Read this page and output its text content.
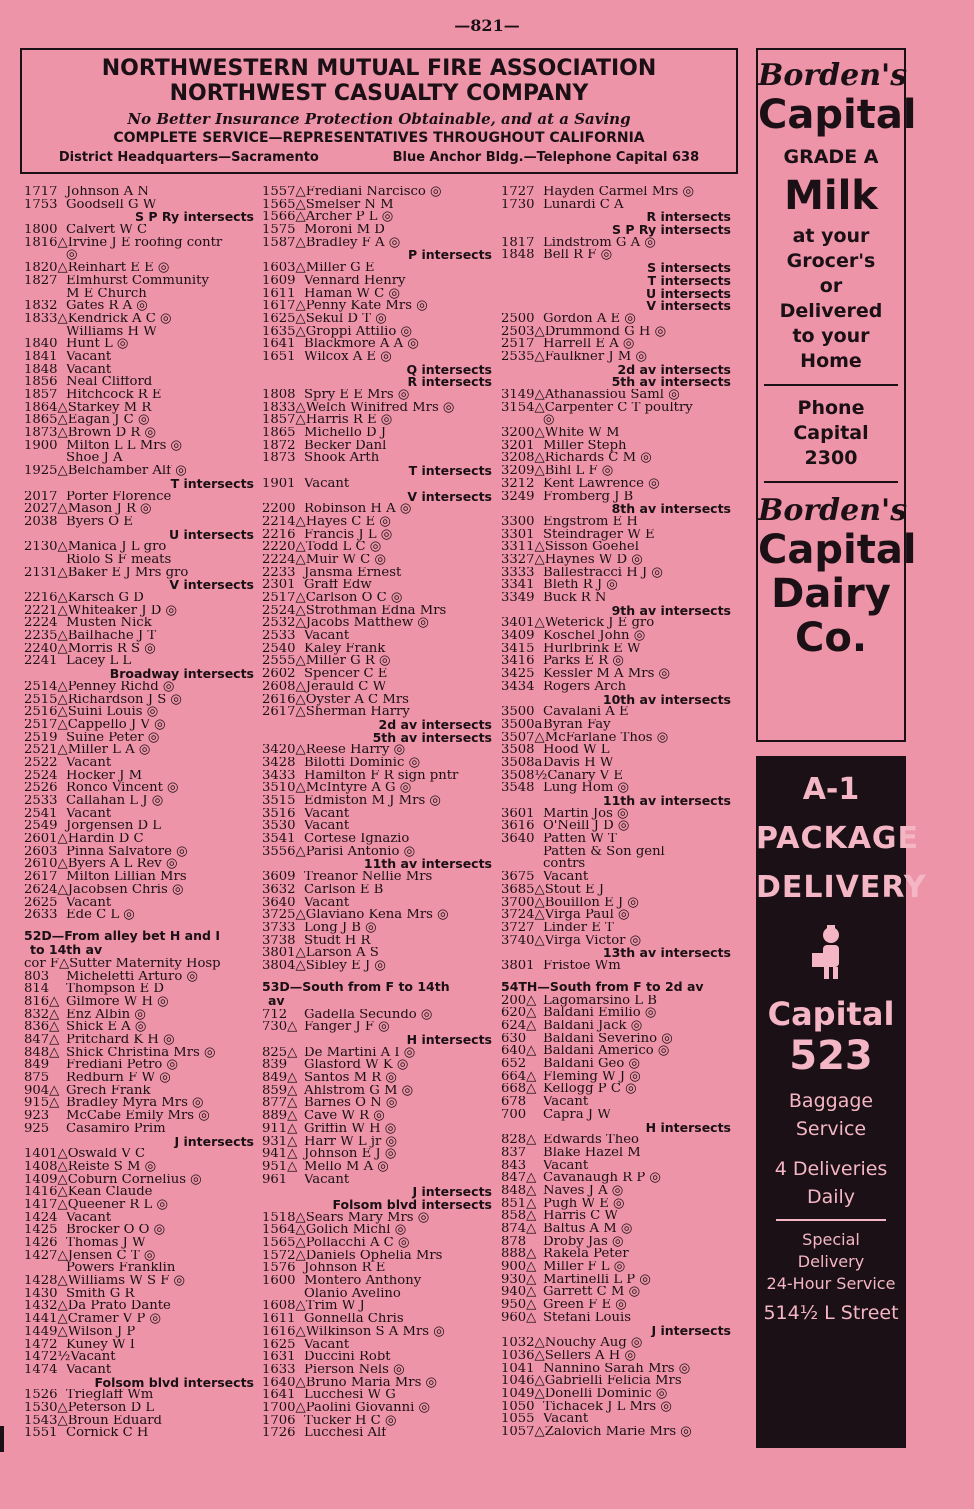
—821—
NORTHWESTERN MUTUAL FIRE ASSOCIATION
NORTHWEST CASUALTY COMPANY
No Better Insurance Protection Obtainable, and at a Saving
COMPLETE SERVICE—REPRESENTATIVES THROUGHOUT CALIFORNIA
District Headquarters—Sacramento	Blue Anchor Bldg.—Telephone Capital 638
1717 Johnson A N
1753 Goodsell G W
S P Ry intersects
1800 Calvert W C
1816△Irvine J E roofing contr
◎
1820△Reinhart E E ◎
1827 Elmhurst Community
M E Church
1832 Gates R A ◎
1833△Kendrick A C ◎
Williams H W
1840 Hunt L ◎
1841 Vacant
1848 Vacant
1856 Neal Clifford
1857 Hitchcock R E
1864△Starkey M R
1865△Eagan J C ◎
1873△Brown D R ◎
1900 Milton L L Mrs ◎
Shoe J A
1925△Belchamber Alf ◎
T intersects
2017 Porter Florence
2027△Mason J R ◎
2038 Byers O E
U intersects
2130△Manica J L gro
Riolo S F meats
2131△Baker E J Mrs gro
V intersects
2216△Karsch G D
2221△Whiteaker J D ◎
2224 Musten Nick
2235△Bailhache J T
2240△Morris R S ◎
2241 Lacey L L
Broadway intersects
2514△Penney Richd ◎
2515△Richardson J S ◎
2516△Suini Louis ◎
2517△Cappello J V ◎
2519 Suine Peter ◎
2521△Miller L A ◎
2522 Vacant
2524 Hocker J M
2526 Ronco Vincent ◎
2533 Callahan L J ◎
2541 Vacant
2549 Jorgensen D L
2601△Hardin D C
2603 Pinna Salvatore ◎
2610△Byers A L Rev ◎
2617 Milton Lillian Mrs
2624△Jacobsen Chris ◎
2625 Vacant
2633 Ede C L ◎
52D—From alley bet H and I
to 14th av
cor F△Sutter Maternity Hosp
803 Micheletti Arturo ◎
814 Thompson E D
816△ Gilmore W H ◎
832△ Enz Albin ◎
836△ Shick E A ◎
847△ Pritchard K H ◎
848△ Shick Christina Mrs ◎
849 Frediani Petro ◎
875 Redburn F W ◎
904△ Grech Frank
915△ Bradley Myra Mrs ◎
923 McCabe Emily Mrs ◎
925 Casamiro Prim
J intersects
1401△Oswald V C
1408△Reiste S M ◎
1409△Coburn Cornelius ◎
1416△Kean Claude
1417△Queener R L ◎
1424 Vacant
1425 Brocker O O ◎
1426 Thomas J W
1427△Jensen C T ◎
Powers Franklin
1428△Williams W S F ◎
1430 Smith G R
1432△Da Prato Dante
1441△Cramer V P ◎
1449△Wilson J P
1472 Kuney W I
1472½Vacant
1474 Vacant
Folsom blvd intersects
1526 Trieglaff Wm
1530△Peterson D L
1543△Broun Eduard
1551 Cornick C H
1557△Frediani Narcisco ◎
1565△Smelser N M
1566△Archer P L ◎
1575 Moroni M D
1587△Bradley F A ◎
P intersects
1603△Miller G E
1609 Vennard Henry
1611 Haman W C ◎
1617△Penny Kate Mrs ◎
1625△Sekul D T ◎
1635△Groppi Attilio ◎
1641 Blackmore A A ◎
1651 Wilcox A E ◎
Q intersects
R intersects
1808 Spry E E Mrs ◎
1833△Welch Winifred Mrs ◎
1857△Harris R E ◎
1865 Michello D J
1872 Becker Danl
1873 Shook Arth
T intersects
1901 Vacant
V intersects
2200 Robinson H A ◎
2214△Hayes C E ◎
2216 Francis J L ◎
2220△Todd L C ◎
2224△Muir W C ◎
2233 Jansma Ernest
2301 Graff Edw
2517△Carlson O C ◎
2524△Strothman Edna Mrs
2532△Jacobs Matthew ◎
2533 Vacant
2540 Kaley Frank
2555△Miller G R ◎
2602 Spencer C E
2608△Jerauld C W
2616△Oyster A C Mrs
2617△Sherman Harry
2d av intersects
5th av intersects
3420△Reese Harry ◎
3428 Bilotti Dominic ◎
3433 Hamilton F R sign pntr
3510△McIntyre A G ◎
3515 Edmiston M J Mrs ◎
3516 Vacant
3530 Vacant
3541 Cortese Ignazio
3556△Parisi Antonio ◎
11th av intersects
3609 Treanor Nellie Mrs
3632 Carlson E B
3640 Vacant
3725△Glaviano Kena Mrs ◎
3733 Long J B ◎
3738 Studt H R
3801△Larson A S
3804△Sibley E J ◎
53D—South from F to 14th
av
712 Gadella Secundo ◎
730△ Fanger J F ◎
H intersects
825△ De Martini A I ◎
839 Glasford W K ◎
849△ Santos M R ◎
859△ Ahlstrom G M ◎
877△ Barnes O N ◎
889△ Cave W R ◎
911△ Griffin W H ◎
931△ Harr W L jr ◎
941△ Johnson E J ◎
951△ Mello M A ◎
961 Vacant
J intersects
Folsom blvd intersects
1518△Sears Mary Mrs ◎
1564△Golich Michl ◎
1565△Pollacchi A C ◎
1572△Daniels Ophelia Mrs
1576 Johnson R E
1600 Montero Anthony
Olanio Avelino
1608△Trim W J
1611 Gonnella Chris
1616△Wilkinson S A Mrs ◎
1625 Vacant
1631 Duccini Robt
1633 Pierson Nels ◎
1640△Bruno Maria Mrs ◎
1641 Lucchesi W G
1700△Paolini Giovanni ◎
1706 Tucker H C ◎
1726 Lucchesi Alf
1727 Hayden Carmel Mrs ◎
1730 Lunardi C A
R intersects
S P Ry intersects
1817 Lindstrom G A ◎
1848 Bell R F ◎
S intersects
T intersects
U intersects
V intersects
2500 Gordon A E ◎
2503△Drummond G H ◎
2517 Harrell E A ◎
2535△Faulkner J M ◎
2d av intersects
5th av intersects
3149△Athanassiou Saml ◎
3154△Carpenter C T poultry
◎
3200△White W M
3201 Miller Steph
3208△Richards C M ◎
3209△Bihl L F ◎
3212 Kent Lawrence ◎
3249 Fromberg J B
8th av intersects
3300 Engstrom E H
3301 Steindrager W E
3311△Sisson Goehel
3327△Haynes W D ◎
3333 Ballestracci H J ◎
3341 Bleth R J ◎
3349 Buck R N
9th av intersects
3401△Weterick J E gro
3409 Koschel John ◎
3415 Hurlbrink E W
3416 Parks E R ◎
3425 Kessler M A Mrs ◎
3434 Rogers Arch
10th av intersects
3500 Cavalani A E
3500aByran Fay
3507△McFarlane Thos ◎
3508 Hood W L
3508aDavis H W
3508½Canary V E
3548 Lung Hom ◎
11th av intersects
3601 Martin Jos ◎
3616 O'Neill J D ◎
3640 Patten W T
Patten & Son genl
contrs
3675 Vacant
3685△Stout E J
3700△Bouillon E J ◎
3724△Virga Paul ◎
3727 Linder E T
3740△Virga Victor ◎
13th av intersects
3801 Fristoe Wm
54TH—South from F to 2d av
200△ Lagomarsino L B
620△ Baldani Emilio ◎
624△ Baldani Jack ◎
630 Baldani Severino ◎
640△ Baldani Americo ◎
652 Baldani Geo ◎
664△ Fleming W J ◎
668△ Kellogg P C ◎
678 Vacant
700 Capra J W
H intersects
828△ Edwards Theo
837 Blake Hazel M
843 Vacant
847△ Cavanaugh R P ◎
848△ Naves J A ◎
851△ Pugh W E ◎
858△ Harris C W
874△ Baltus A M ◎
878 Droby Jas ◎
888△ Rakela Peter
900△ Miller F L ◎
930△ Martinelli L P ◎
940△ Garrett C M ◎
950△ Green F E ◎
960△ Stefani Louis
J intersects
1032△Nouchy Aug ◎
1036△Sellers A H ◎
1041 Nannino Sarah Mrs ◎
1046△Gabrielli Felicia Mrs
1049△Donelli Dominic ◎
1050 Tichacek J L Mrs ◎
1055 Vacant
1057△Zalovich Marie Mrs ◎
Borden's
Capital
GRADE A
Milk
at your
Grocer's
or
Delivered
to your
Home
Phone
Capital
2300
Borden's
Capital
Dairy
Co.
A-1
PACKAGE
DELIVERY
Capital
523
Baggage
Service
4 Deliveries
Daily
Special
Delivery
24-Hour Service
514½ L Street
